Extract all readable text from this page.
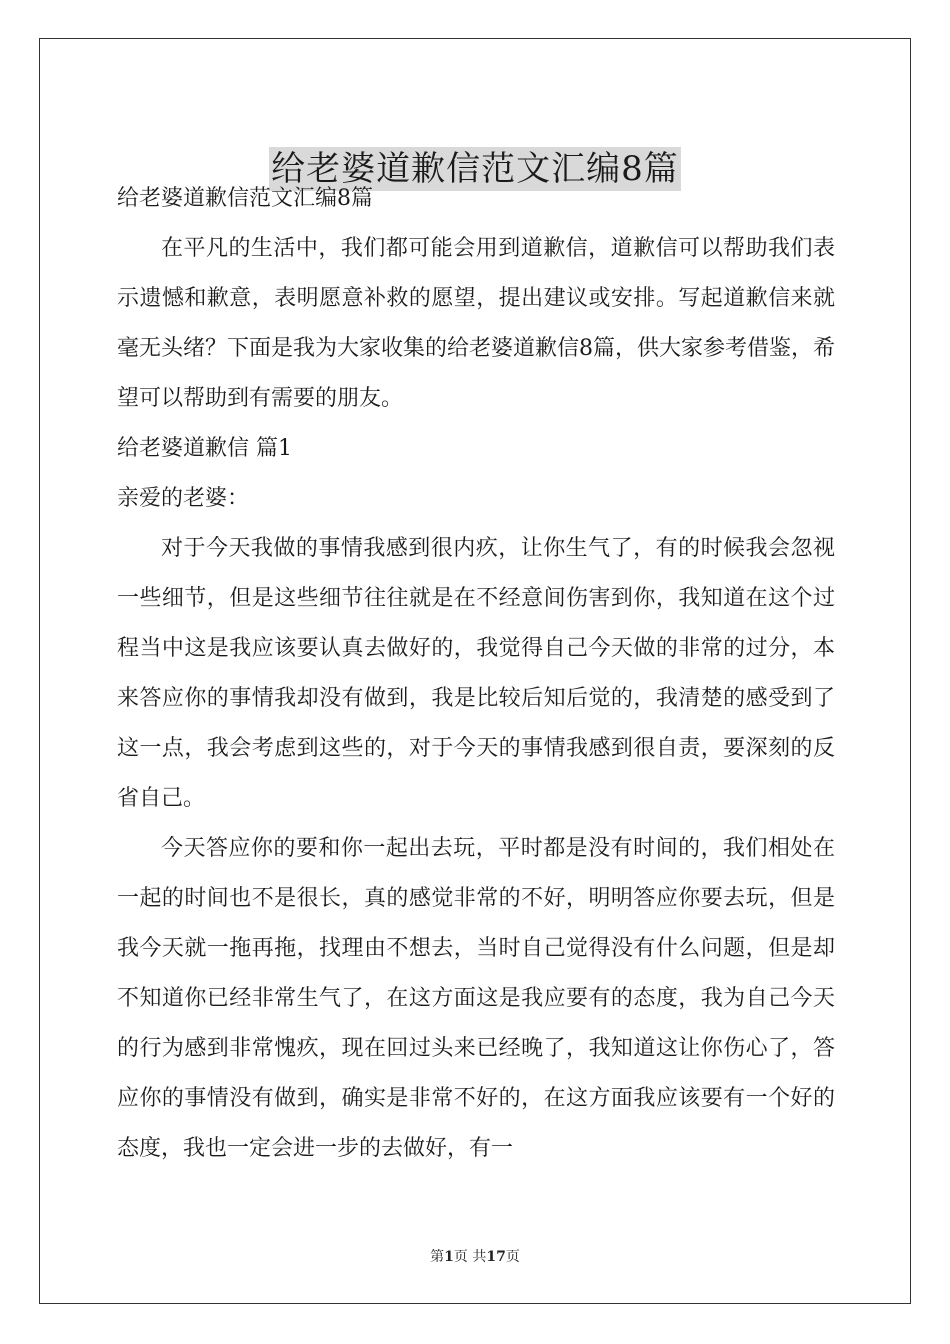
给老婆道歉信范文汇编8篇

给老婆道歉信范文汇编8篇

在平凡的生活中，我们都可能会用到道歉信，道歉信可以帮助我们表示遗憾和歉意，表明愿意补救的愿望，提出建议或安排。写起道歉信来就毫无头绪？下面是我为大家收集的给老婆道歉信8篇，供大家参考借鉴，希望可以帮助到有需要的朋友。

给老婆道歉信 篇1

亲爱的老婆：

对于今天我做的事情我感到很内疚，让你生气了，有的时候我会忽视一些细节，但是这些细节往往就是在不经意间伤害到你，我知道在这个过程当中这是我应该要认真去做好的，我觉得自己今天做的非常的过分，本来答应你的事情我却没有做到，我是比较后知后觉的，我清楚的感受到了这一点，我会考虑到这些的，对于今天的事情我感到很自责，要深刻的反省自己。

今天答应你的要和你一起出去玩，平时都是没有时间的，我们相处在一起的时间也不是很长，真的感觉非常的不好，明明答应你要去玩，但是我今天就一拖再拖，找理由不想去，当时自己觉得没有什么问题，但是却不知道你已经非常生气了，在这方面这是我应要有的态度，我为自己今天的行为感到非常愧疚，现在回过头来已经晚了，我知道这让你伤心了，答应你的事情没有做到，确实是非常不好的，在这方面我应该要有一个好的态度，我也一定会进一步的去做好，有一

第1页 共17页
